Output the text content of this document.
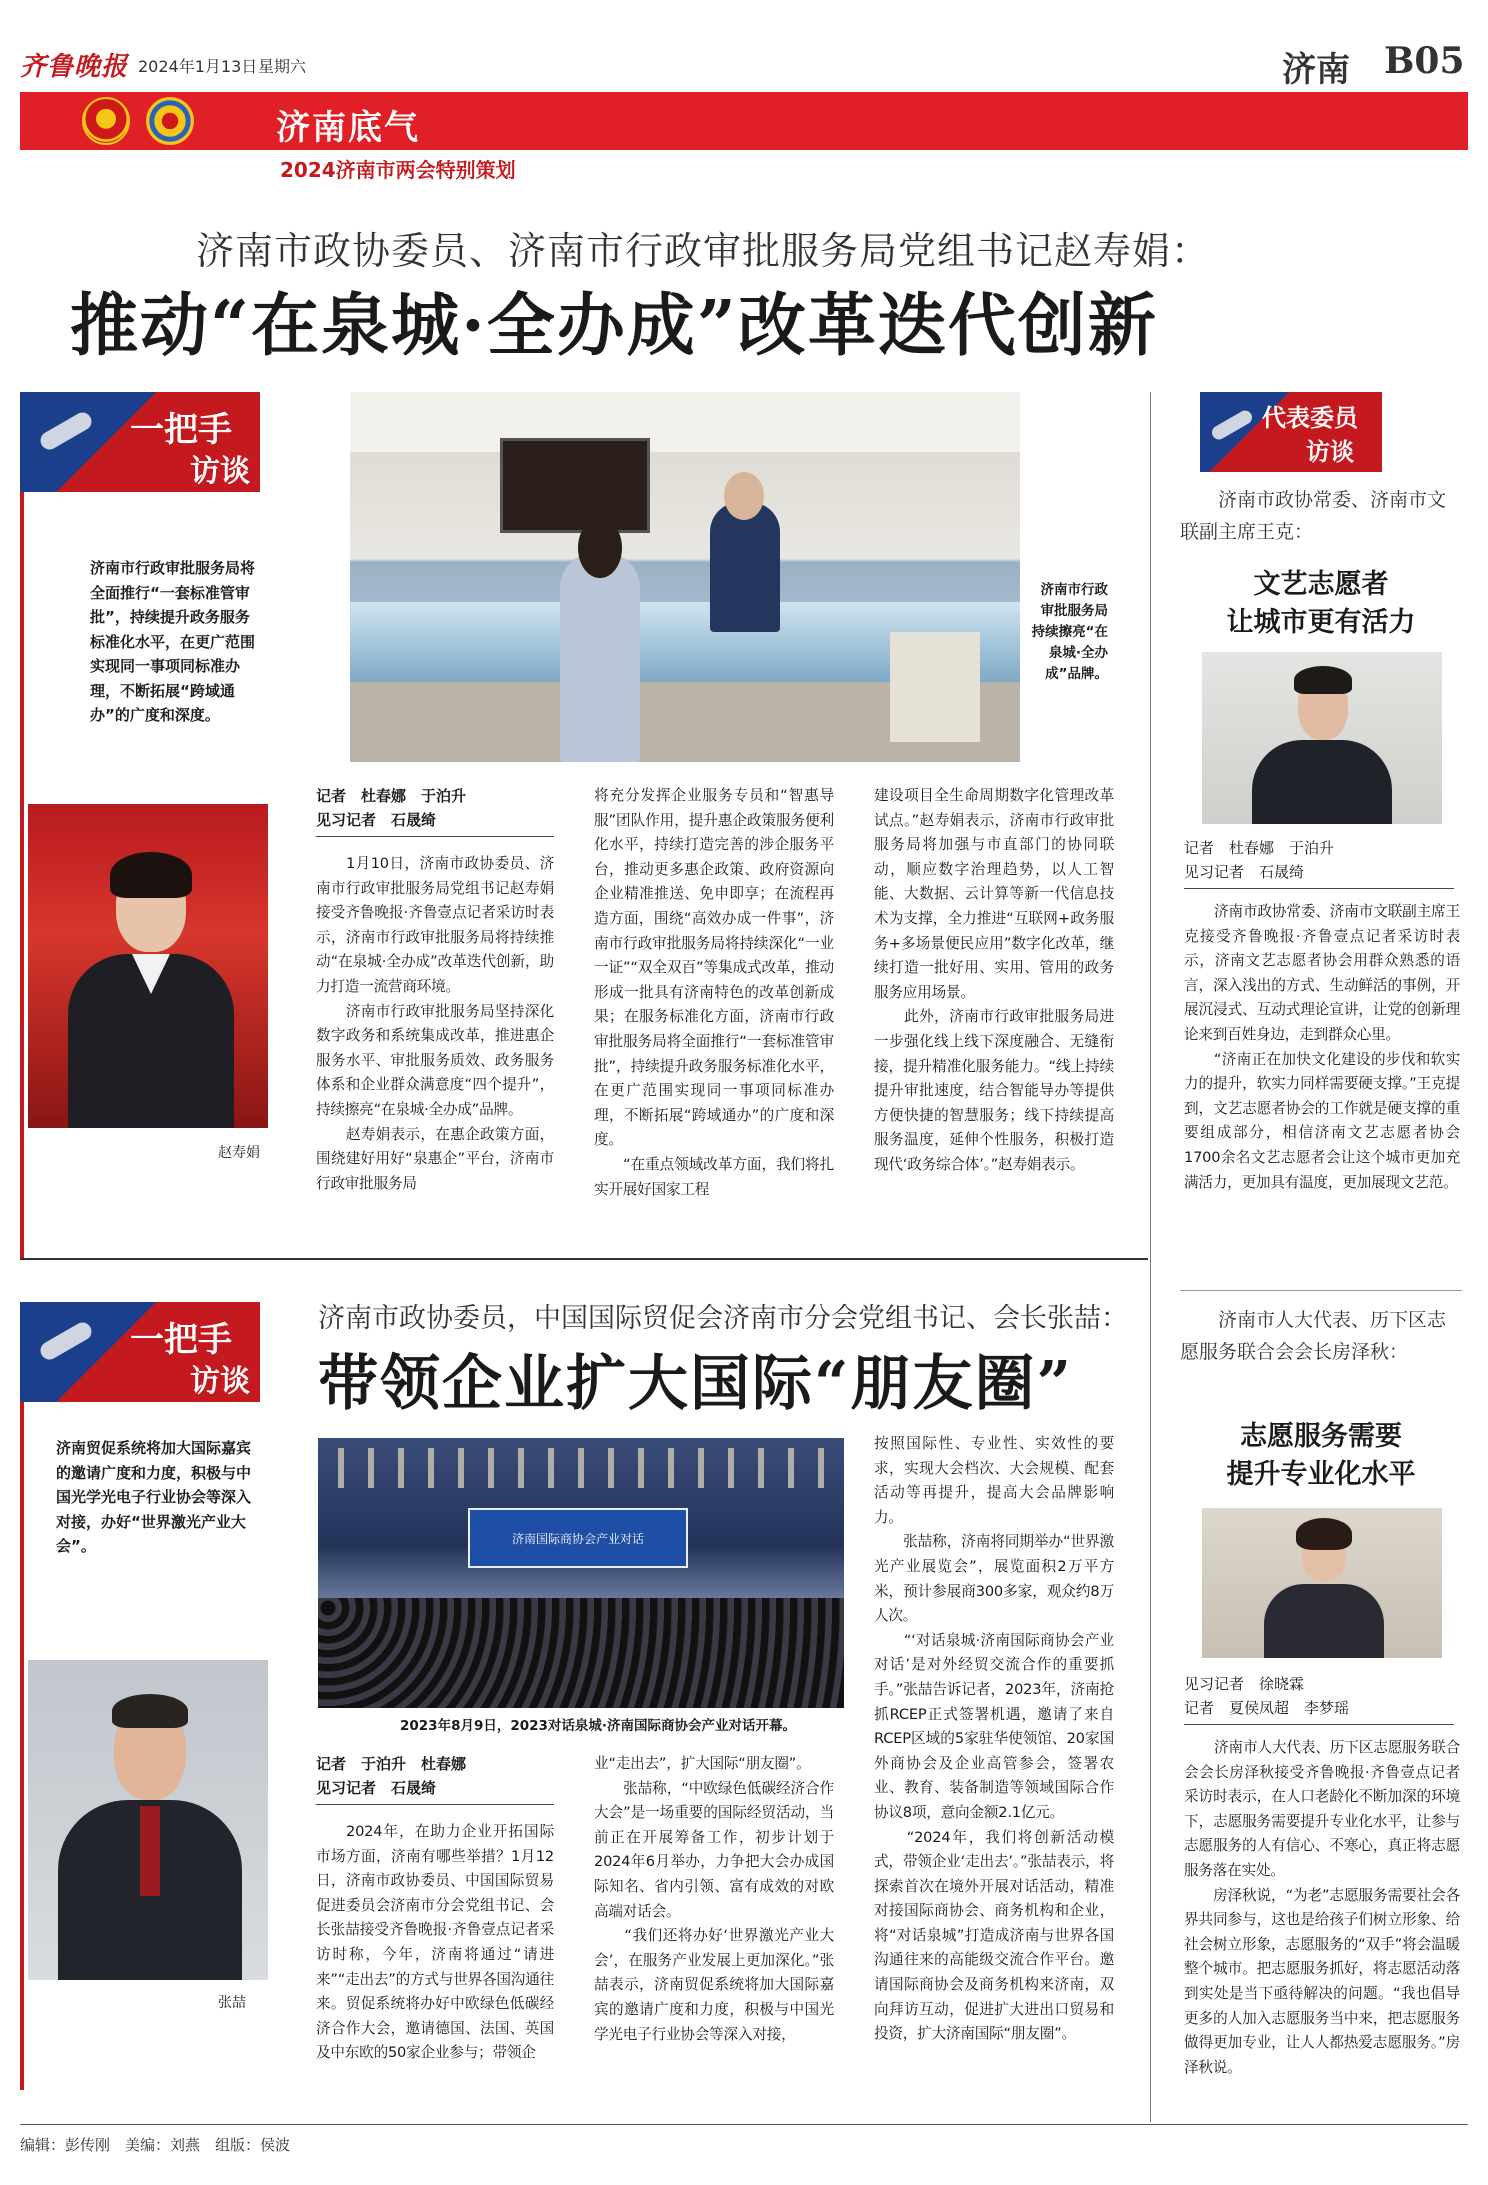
齐鲁晚报 2024年1月13日 星期六	济南 B05
济南底气
2024济南市两会特别策划
济南市政协委员、济南市行政审批服务局党组书记赵寿娟：
推动“在泉城·全办成”改革迭代创新
一把手
访谈
济南市行政审批服务局将全面推行“一套标准管审批”，持续提升政务服务标准化水平，在更广范围实现同一事项同标准办理，不断拓展“跨域通办”的广度和深度。
赵寿娟
济南市行政审批服务局持续擦亮“在泉城·全办成”品牌。
记者　杜春娜　于泊升
见习记者　石晟绮
1月10日，济南市政协委员、济南市行政审批服务局党组书记赵寿娟接受齐鲁晚报·齐鲁壹点记者采访时表示，济南市行政审批服务局将持续推动“在泉城·全办成”改革迭代创新，助力打造一流营商环境。
　　济南市行政审批服务局坚持深化数字政务和系统集成改革，推进惠企服务水平、审批服务质效、政务服务体系和企业群众满意度“四个提升”，持续擦亮“在泉城·全办成”品牌。
　　赵寿娟表示，在惠企政策方面，围绕建好用好“泉惠企”平台，济南市行政审批服务局
将充分发挥企业服务专员和“智惠导服”团队作用，提升惠企政策服务便利化水平，持续打造完善的涉企服务平台，推动更多惠企政策、政府资源向企业精准推送、免申即享；在流程再造方面，围绕“高效办成一件事”，济南市行政审批服务局将持续深化“一业一证”“双全双百”等集成式改革，推动形成一批具有济南特色的改革创新成果；在服务标准化方面，济南市行政审批服务局将全面推行“一套标准管审批”，持续提升政务服务标准化水平，在更广范围实现同一事项同标准办理，不断拓展“跨域通办”的广度和深度。
　　“在重点领域改革方面，我们将扎实开展好国家工程
建设项目全生命周期数字化管理改革试点。”赵寿娟表示，济南市行政审批服务局将加强与市直部门的协同联动，顺应数字治理趋势，以人工智能、大数据、云计算等新一代信息技术为支撑，全力推进“互联网+政务服务+多场景便民应用”数字化改革，继续打造一批好用、实用、管用的政务服务应用场景。
　　此外，济南市行政审批服务局进一步强化线上线下深度融合、无缝衔接，提升精准化服务能力。“线上持续提升审批速度，结合智能导办等提供方便快捷的智慧服务；线下持续提高服务温度，延伸个性服务，积极打造现代‘政务综合体’。”赵寿娟表示。
一把手
访谈
济南市政协委员，中国国际贸促会济南市分会党组书记、会长张喆：
带领企业扩大国际“朋友圈”
济南贸促系统将加大国际嘉宾的邀请广度和力度，积极与中国光学光电子行业协会等深入对接，办好“世界激光产业大会”。
张喆
济南国际商协会产业对话
2023年8月9日，2023对话泉城·济南国际商协会产业对话开幕。
记者　于泊升　杜春娜
见习记者　石晟绮
2024年，在助力企业开拓国际市场方面，济南有哪些举措？1月12日，济南市政协委员、中国国际贸易促进委员会济南市分会党组书记、会长张喆接受齐鲁晚报·齐鲁壹点记者采访时称，今年，济南将通过“请进来”“走出去”的方式与世界各国沟通往来。贸促系统将办好中欧绿色低碳经济合作大会，邀请德国、法国、英国及中东欧的50家企业参与；带领企
业“走出去”，扩大国际“朋友圈”。
　　张喆称，“中欧绿色低碳经济合作大会”是一场重要的国际经贸活动，当前正在开展筹备工作，初步计划于2024年6月举办，力争把大会办成国际知名、省内引领、富有成效的对欧高端对话会。
　　“我们还将办好‘世界激光产业大会’，在服务产业发展上更加深化。”张喆表示，济南贸促系统将加大国际嘉宾的邀请广度和力度，积极与中国光学光电子行业协会等深入对接，
按照国际性、专业性、实效性的要求，实现大会档次、大会规模、配套活动等再提升，提高大会品牌影响力。
　　张喆称，济南将同期举办“世界激光产业展览会”，展览面积2万平方米，预计参展商300多家，观众约8万人次。
　　“‘对话泉城·济南国际商协会产业对话’是对外经贸交流合作的重要抓手。”张喆告诉记者，2023年，济南抢抓RCEP正式签署机遇，邀请了来自RCEP区域的5家驻华使领馆、20家国外商协会及企业高管参会，签署农业、教育、装备制造等领域国际合作协议8项，意向金额2.1亿元。
　　“2024年，我们将创新活动模式，带领企业‘走出去’。”张喆表示，将探索首次在境外开展对话活动，精准对接国际商协会、商务机构和企业，将“对话泉城”打造成济南与世界各国沟通往来的高能级交流合作平台。邀请国际商协会及商务机构来济南，双向拜访互动，促进扩大进出口贸易和投资，扩大济南国际“朋友圈”。
代表委员
访谈
济南市政协常委、济南市文联副主席王克：
文艺志愿者
让城市更有活力
记者　杜春娜　于泊升
见习记者　石晟绮
济南市政协常委、济南市文联副主席王克接受齐鲁晚报·齐鲁壹点记者采访时表示，济南文艺志愿者协会用群众熟悉的语言，深入浅出的方式、生动鲜活的事例，开展沉浸式、互动式理论宣讲，让党的创新理论来到百姓身边，走到群众心里。
　　“济南正在加快文化建设的步伐和软实力的提升，软实力同样需要硬支撑。”王克提到，文艺志愿者协会的工作就是硬支撑的重要组成部分，相信济南文艺志愿者协会1700余名文艺志愿者会让这个城市更加充满活力，更加具有温度，更加展现文艺范。
济南市人大代表、历下区志愿服务联合会会长房泽秋：
志愿服务需要
提升专业化水平
见习记者　徐晓霖
记者　夏侯凤超　李梦瑶
济南市人大代表、历下区志愿服务联合会会长房泽秋接受齐鲁晚报·齐鲁壹点记者采访时表示，在人口老龄化不断加深的环境下，志愿服务需要提升专业化水平，让参与志愿服务的人有信心、不寒心，真正将志愿服务落在实处。
　　房泽秋说，“为老”志愿服务需要社会各界共同参与，这也是给孩子们树立形象、给社会树立形象，志愿服务的“双手”将会温暖整个城市。把志愿服务抓好，将志愿活动落到实处是当下亟待解决的问题。“我也倡导更多的人加入志愿服务当中来，把志愿服务做得更加专业，让人人都热爱志愿服务。”房泽秋说。
编辑：彭传刚　美编：刘燕　组版：侯波
